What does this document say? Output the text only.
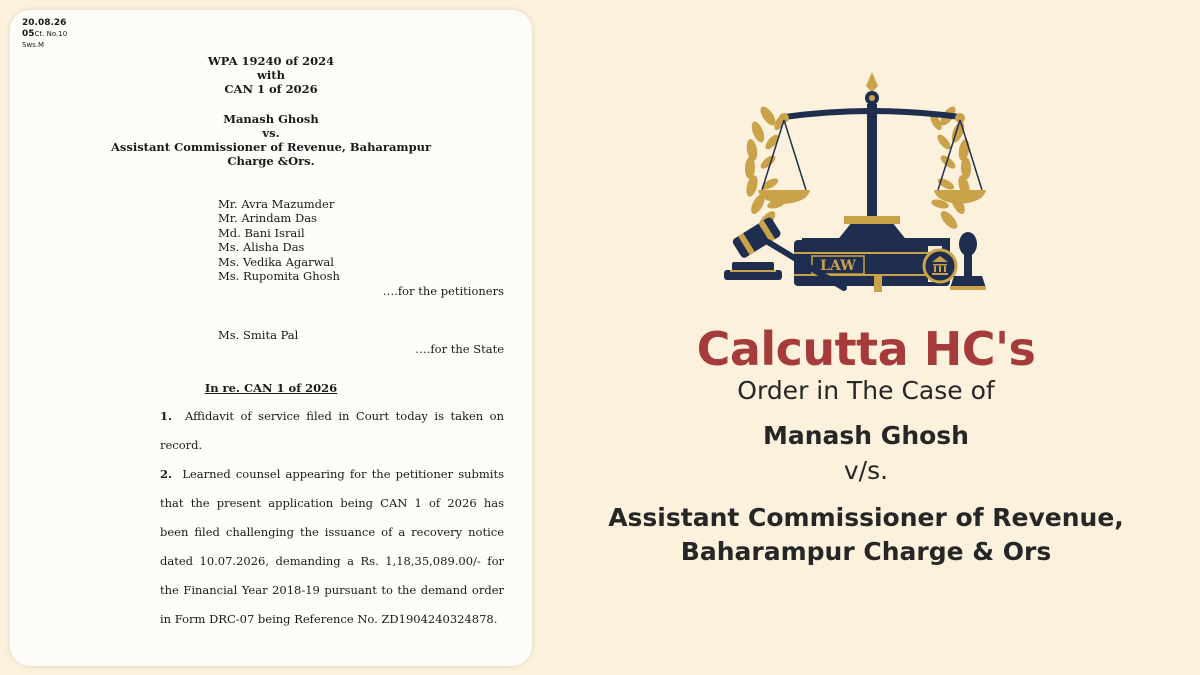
20.08.26
05Ct. No.10
Sws.M
WPA 19240 of 2024
with
CAN 1 of 2026
Manash Ghosh
vs.
Assistant Commissioner of Revenue, Baharampur
Charge &Ors.
Mr. Avra Mazumder
Mr. Arindam Das
Md. Bani Israil
Ms. Alisha Das
Ms. Vedika Agarwal
Ms. Rupomita Ghosh
….for the petitioners
Ms. Smita Pal
….for the State
In re. CAN 1 of 2026
1. Affidavit of service filed in Court today is taken on record.
2. Learned counsel appearing for the petitioner submits that the present application being CAN 1 of 2026 has been filed challenging the issuance of a recovery notice dated 10.07.2026, demanding a Rs. 1,18,35,089.00/- for the Financial Year 2018-19 pursuant to the demand order in Form DRC-07 being Reference No. ZD1904240324878.
LAW
Calcutta HC's
Order in The Case of
Manash Ghosh
v/s.
Assistant Commissioner of Revenue,
Baharampur Charge & Ors
